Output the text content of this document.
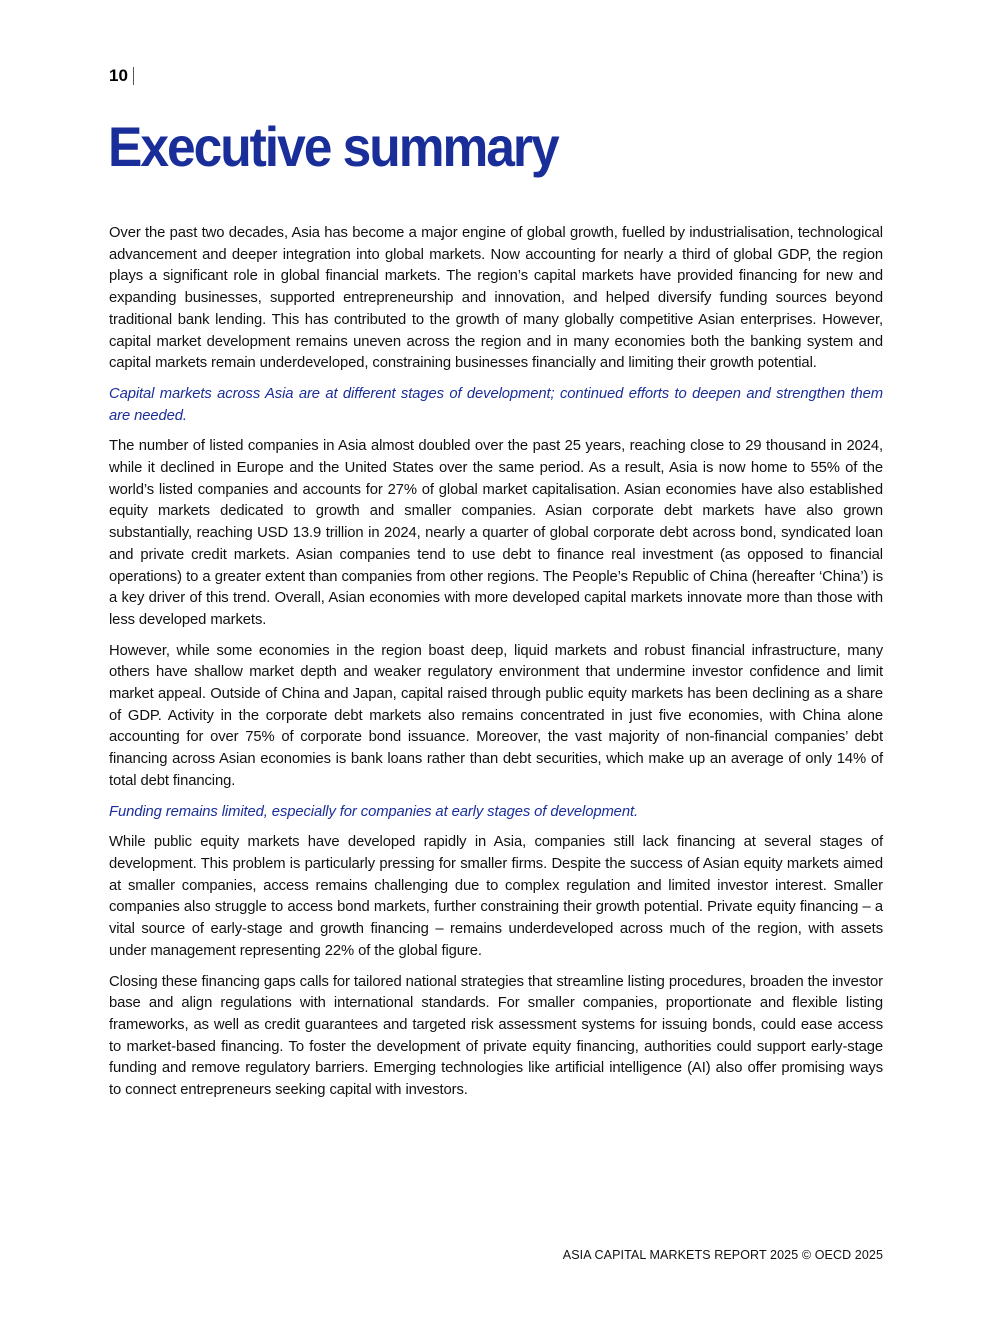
10
Executive summary

Over the past two decades, Asia has become a major engine of global growth, fuelled by industrialisation, technological advancement and deeper integration into global markets. Now accounting for nearly a third of global GDP, the region plays a significant role in global financial markets. The region’s capital markets have provided financing for new and expanding businesses, supported entrepreneurship and innovation, and helped diversify funding sources beyond traditional bank lending. This has contributed to the growth of many globally competitive Asian enterprises. However, capital market development remains uneven across the region and in many economies both the banking system and capital markets remain underdeveloped, constraining businesses financially and limiting their growth potential.

Capital markets across Asia are at different stages of development; continued efforts to deepen and strengthen them are needed.

The number of listed companies in Asia almost doubled over the past 25 years, reaching close to 29 thousand in 2024, while it declined in Europe and the United States over the same period. As a result, Asia is now home to 55% of the world’s listed companies and accounts for 27% of global market capitalisation. Asian economies have also established equity markets dedicated to growth and smaller companies. Asian corporate debt markets have also grown substantially, reaching USD 13.9 trillion in 2024, nearly a quarter of global corporate debt across bond, syndicated loan and private credit markets. Asian companies tend to use debt to finance real investment (as opposed to financial operations) to a greater extent than companies from other regions. The People’s Republic of China (hereafter ‘China’) is a key driver of this trend. Overall, Asian economies with more developed capital markets innovate more than those with less developed markets.

However, while some economies in the region boast deep, liquid markets and robust financial infrastructure, many others have shallow market depth and weaker regulatory environment that undermine investor confidence and limit market appeal. Outside of China and Japan, capital raised through public equity markets has been declining as a share of GDP. Activity in the corporate debt markets also remains concentrated in just five economies, with China alone accounting for over 75% of corporate bond issuance. Moreover, the vast majority of non-financial companies’ debt financing across Asian economies is bank loans rather than debt securities, which make up an average of only 14% of total debt financing.

Funding remains limited, especially for companies at early stages of development.

While public equity markets have developed rapidly in Asia, companies still lack financing at several stages of development. This problem is particularly pressing for smaller firms. Despite the success of Asian equity markets aimed at smaller companies, access remains challenging due to complex regulation and limited investor interest. Smaller companies also struggle to access bond markets, further constraining their growth potential. Private equity financing – a vital source of early-stage and growth financing – remains underdeveloped across much of the region, with assets under management representing 22% of the global figure.

Closing these financing gaps calls for tailored national strategies that streamline listing procedures, broaden the investor base and align regulations with international standards. For smaller companies, proportionate and flexible listing frameworks, as well as credit guarantees and targeted risk assessment systems for issuing bonds, could ease access to market-based financing. To foster the development of private equity financing, authorities could support early-stage funding and remove regulatory barriers. Emerging technologies like artificial intelligence (AI) also offer promising ways to connect entrepreneurs seeking capital with investors.

ASIA CAPITAL MARKETS REPORT 2025 © OECD 2025
